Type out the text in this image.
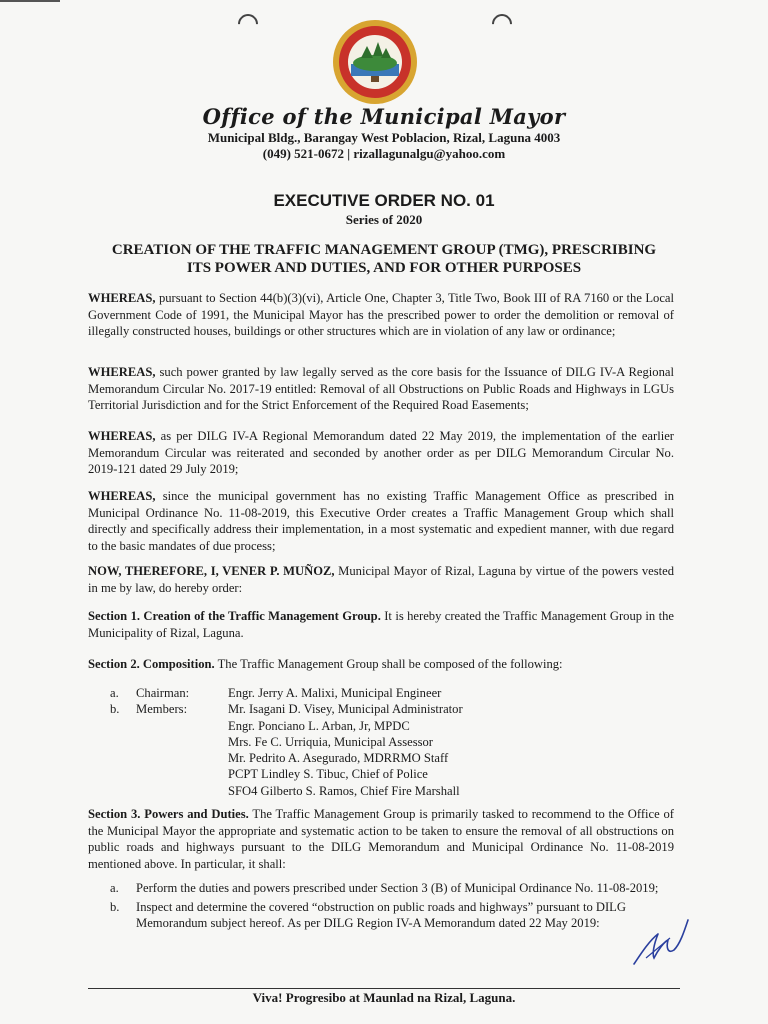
Office of the Municipal Mayor
Municipal Bldg., Barangay West Poblacion, Rizal, Laguna 4003
(049) 521-0672 | rizallagunalgu@yahoo.com
EXECUTIVE ORDER NO. 01
Series of 2020
CREATION OF THE TRAFFIC MANAGEMENT GROUP (TMG), PRESCRIBING
ITS POWER AND DUTIES, AND FOR OTHER PURPOSES
WHEREAS, pursuant to Section 44(b)(3)(vi), Article One, Chapter 3, Title Two, Book III of RA 7160 or the Local Government Code of 1991, the Municipal Mayor has the prescribed power to order the demolition or removal of illegally constructed houses, buildings or other structures which are in violation of any law or ordinance;
WHEREAS, such power granted by law legally served as the core basis for the Issuance of DILG IV-A Regional Memorandum Circular No. 2017-19 entitled: Removal of all Obstructions on Public Roads and Highways in LGUs Territorial Jurisdiction and for the Strict Enforcement of the Required Road Easements;
WHEREAS, as per DILG IV-A Regional Memorandum dated 22 May 2019, the implementation of the earlier Memorandum Circular was reiterated and seconded by another order as per DILG Memorandum Circular No. 2019-121 dated 29 July 2019;
WHEREAS, since the municipal government has no existing Traffic Management Office as prescribed in Municipal Ordinance No. 11-08-2019, this Executive Order creates a Traffic Management Group which shall directly and specifically address their implementation, in a most systematic and expedient manner, with due regard to the basic mandates of due process;
NOW, THEREFORE, I, VENER P. MUÑOZ, Municipal Mayor of Rizal, Laguna by virtue of the powers vested in me by law, do hereby order:
Section 1. Creation of the Traffic Management Group. It is hereby created the Traffic Management Group in the Municipality of Rizal, Laguna.
Section 2. Composition. The Traffic Management Group shall be composed of the following:
a.	Chairman:	Engr. Jerry A. Malixi, Municipal Engineer
b.	Members:	Mr. Isagani D. Visey, Municipal Administrator
Engr. Ponciano L. Arban, Jr, MPDC
Mrs. Fe C. Urriquia, Municipal Assessor
Mr. Pedrito A. Asegurado, MDRRMO Staff
PCPT Lindley S. Tibuc, Chief of Police
SFO4 Gilberto S. Ramos, Chief Fire Marshall
Section 3. Powers and Duties. The Traffic Management Group is primarily tasked to recommend to the Office of the Municipal Mayor the appropriate and systematic action to be taken to ensure the removal of all obstructions on public roads and highways pursuant to the DILG Memorandum and Municipal Ordinance No. 11-08-2019 mentioned above. In particular, it shall:
a.	Perform the duties and powers prescribed under Section 3 (B) of Municipal Ordinance No. 11-08-2019;
b.	Inspect and determine the covered “obstruction on public roads and highways” pursuant to DILG Memorandum subject hereof. As per DILG Region IV-A Memorandum dated 22 May 2019:
Viva! Progresibo at Maunlad na Rizal, Laguna.
